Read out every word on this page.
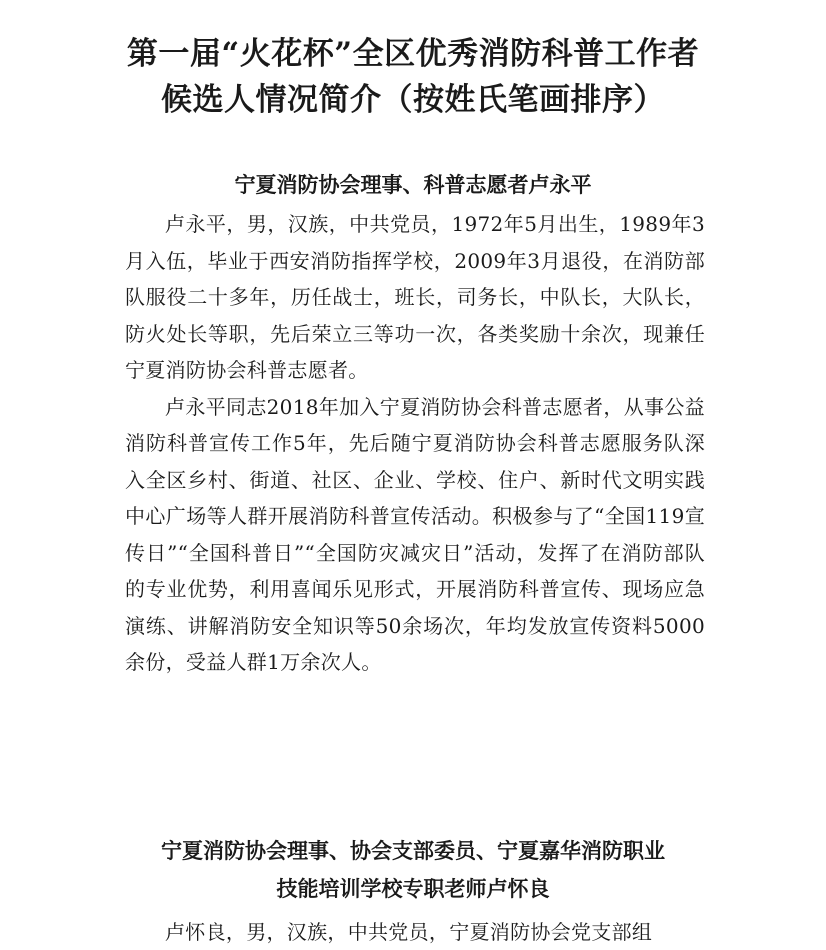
第一届“火花杯”全区优秀消防科普工作者
候选人情况简介（按姓氏笔画排序）
宁夏消防协会理事、科普志愿者卢永平

卢永平，男，汉族，中共党员，1972年5月出生，1989年3月入伍，毕业于西安消防指挥学校，2009年3月退役，在消防部队服役二十多年，历任战士，班长，司务长，中队长，大队长，防火处长等职，先后荣立三等功一次，各类奖励十余次，现兼任宁夏消防协会科普志愿者。

卢永平同志2018年加入宁夏消防协会科普志愿者，从事公益消防科普宣传工作5年，先后随宁夏消防协会科普志愿服务队深入全区乡村、街道、社区、企业、学校、住户、新时代文明实践中心广场等人群开展消防科普宣传活动。积极参与了“全国119宣传日”“全国科普日”“全国防灾减灾日”活动，发挥了在消防部队的专业优势，利用喜闻乐见形式，开展消防科普宣传、现场应急演练、讲解消防安全知识等50余场次，年均发放宣传资料5000余份，受益人群1万余次人。

宁夏消防协会理事、协会支部委员、宁夏嘉华消防职业
技能培训学校专职老师卢怀良

卢怀良，男，汉族，中共党员，宁夏消防协会党支部组
